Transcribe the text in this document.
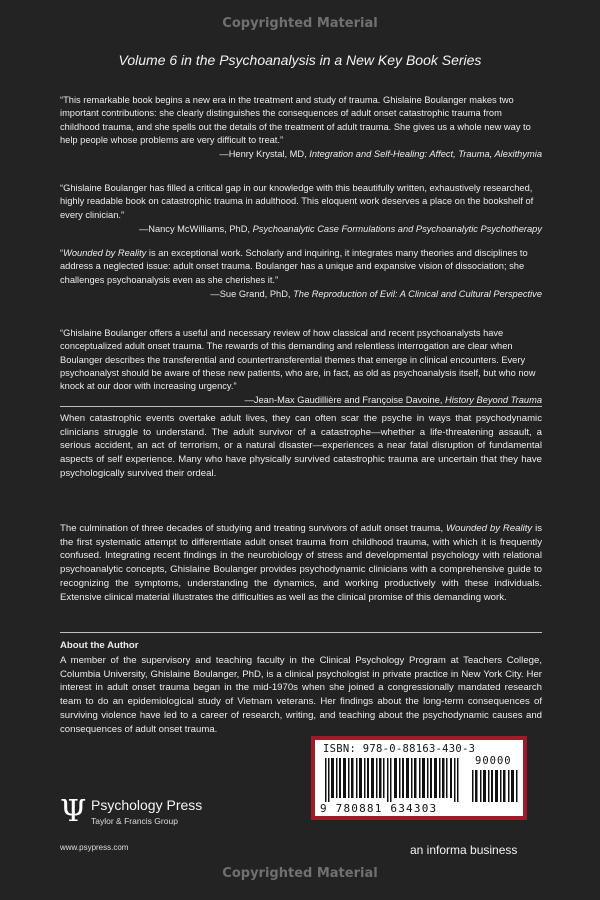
Copyrighted Material
Volume 6 in the Psychoanalysis in a New Key Book Series

“This remarkable book begins a new era in the treatment and study of trauma. Ghislaine Boulanger makes two important contributions: she clearly distinguishes the consequences of adult onset catastrophic trauma from childhood trauma, and she spells out the details of the treatment of adult trauma. She gives us a whole new way to help people whose problems are very difficult to treat.”

—Henry Krystal, MD, Integration and Self-Healing: Affect, Trauma, Alexithymia

“Ghislaine Boulanger has filled a critical gap in our knowledge with this beautifully written, exhaustively researched, highly readable book on catastrophic trauma in adulthood. This eloquent work deserves a place on the bookshelf of every clinician.”

—Nancy McWilliams, PhD, Psychoanalytic Case Formulations and Psychoanalytic Psychotherapy

“Wounded by Reality is an exceptional work. Scholarly and inquiring, it integrates many theories and disciplines to address a neglected issue: adult onset trauma. Boulanger has a unique and expansive vision of dissociation; she challenges psychoanalysis even as she cherishes it.”

—Sue Grand, PhD, The Reproduction of Evil: A Clinical and Cultural Perspective

“Ghislaine Boulanger offers a useful and necessary review of how classical and recent psychoanalysts have conceptualized adult onset trauma. The rewards of this demanding and relentless interrogation are clear when Boulanger describes the transferential and countertransferential themes that emerge in clinical encounters. Every psychoanalyst should be aware of these new patients, who are, in fact, as old as psychoanalysis itself, but who now knock at our door with increasing urgency.”

—Jean-Max Gaudillière and Françoise Davoine, History Beyond Trauma

When catastrophic events overtake adult lives, they can often scar the psyche in ways that psychodynamic clinicians struggle to understand. The adult survivor of a catastrophe—whether a life-threatening assault, a serious accident, an act of terrorism, or a natural disaster—experiences a near fatal disruption of fundamental aspects of self experience. Many who have physically survived catastrophic trauma are uncertain that they have psychologically survived their ordeal.

The culmination of three decades of studying and treating survivors of adult onset trauma, Wounded by Reality is the first systematic attempt to differentiate adult onset trauma from childhood trauma, with which it is frequently confused. Integrating recent findings in the neurobiology of stress and developmental psychology with relational psychoanalytic concepts, Ghislaine Boulanger provides psychodynamic clinicians with a comprehensive guide to recognizing the symptoms, understanding the dynamics, and working productively with these individuals. Extensive clinical material illustrates the difficulties as well as the clinical promise of this demanding work.

About the Author
A member of the supervisory and teaching faculty in the Clinical Psychology Program at Teachers College, Columbia University, Ghislaine Boulanger, PhD, is a clinical psychologist in private practice in New York City. Her interest in adult onset trauma began in the mid-1970s when she joined a congressionally mandated research team to do an epidemiological study of Vietnam veterans. Her findings about the long-term consequences of surviving violence have led to a career of research, writing, and teaching about the psychodynamic causes and consequences of adult onset trauma.
Ψ Psychology Press
Taylor & Francis Group
www.psypress.com
ISBN: 978-0-88163-430-3
90000
9 780881 634303
an informa business
Copyrighted Material
